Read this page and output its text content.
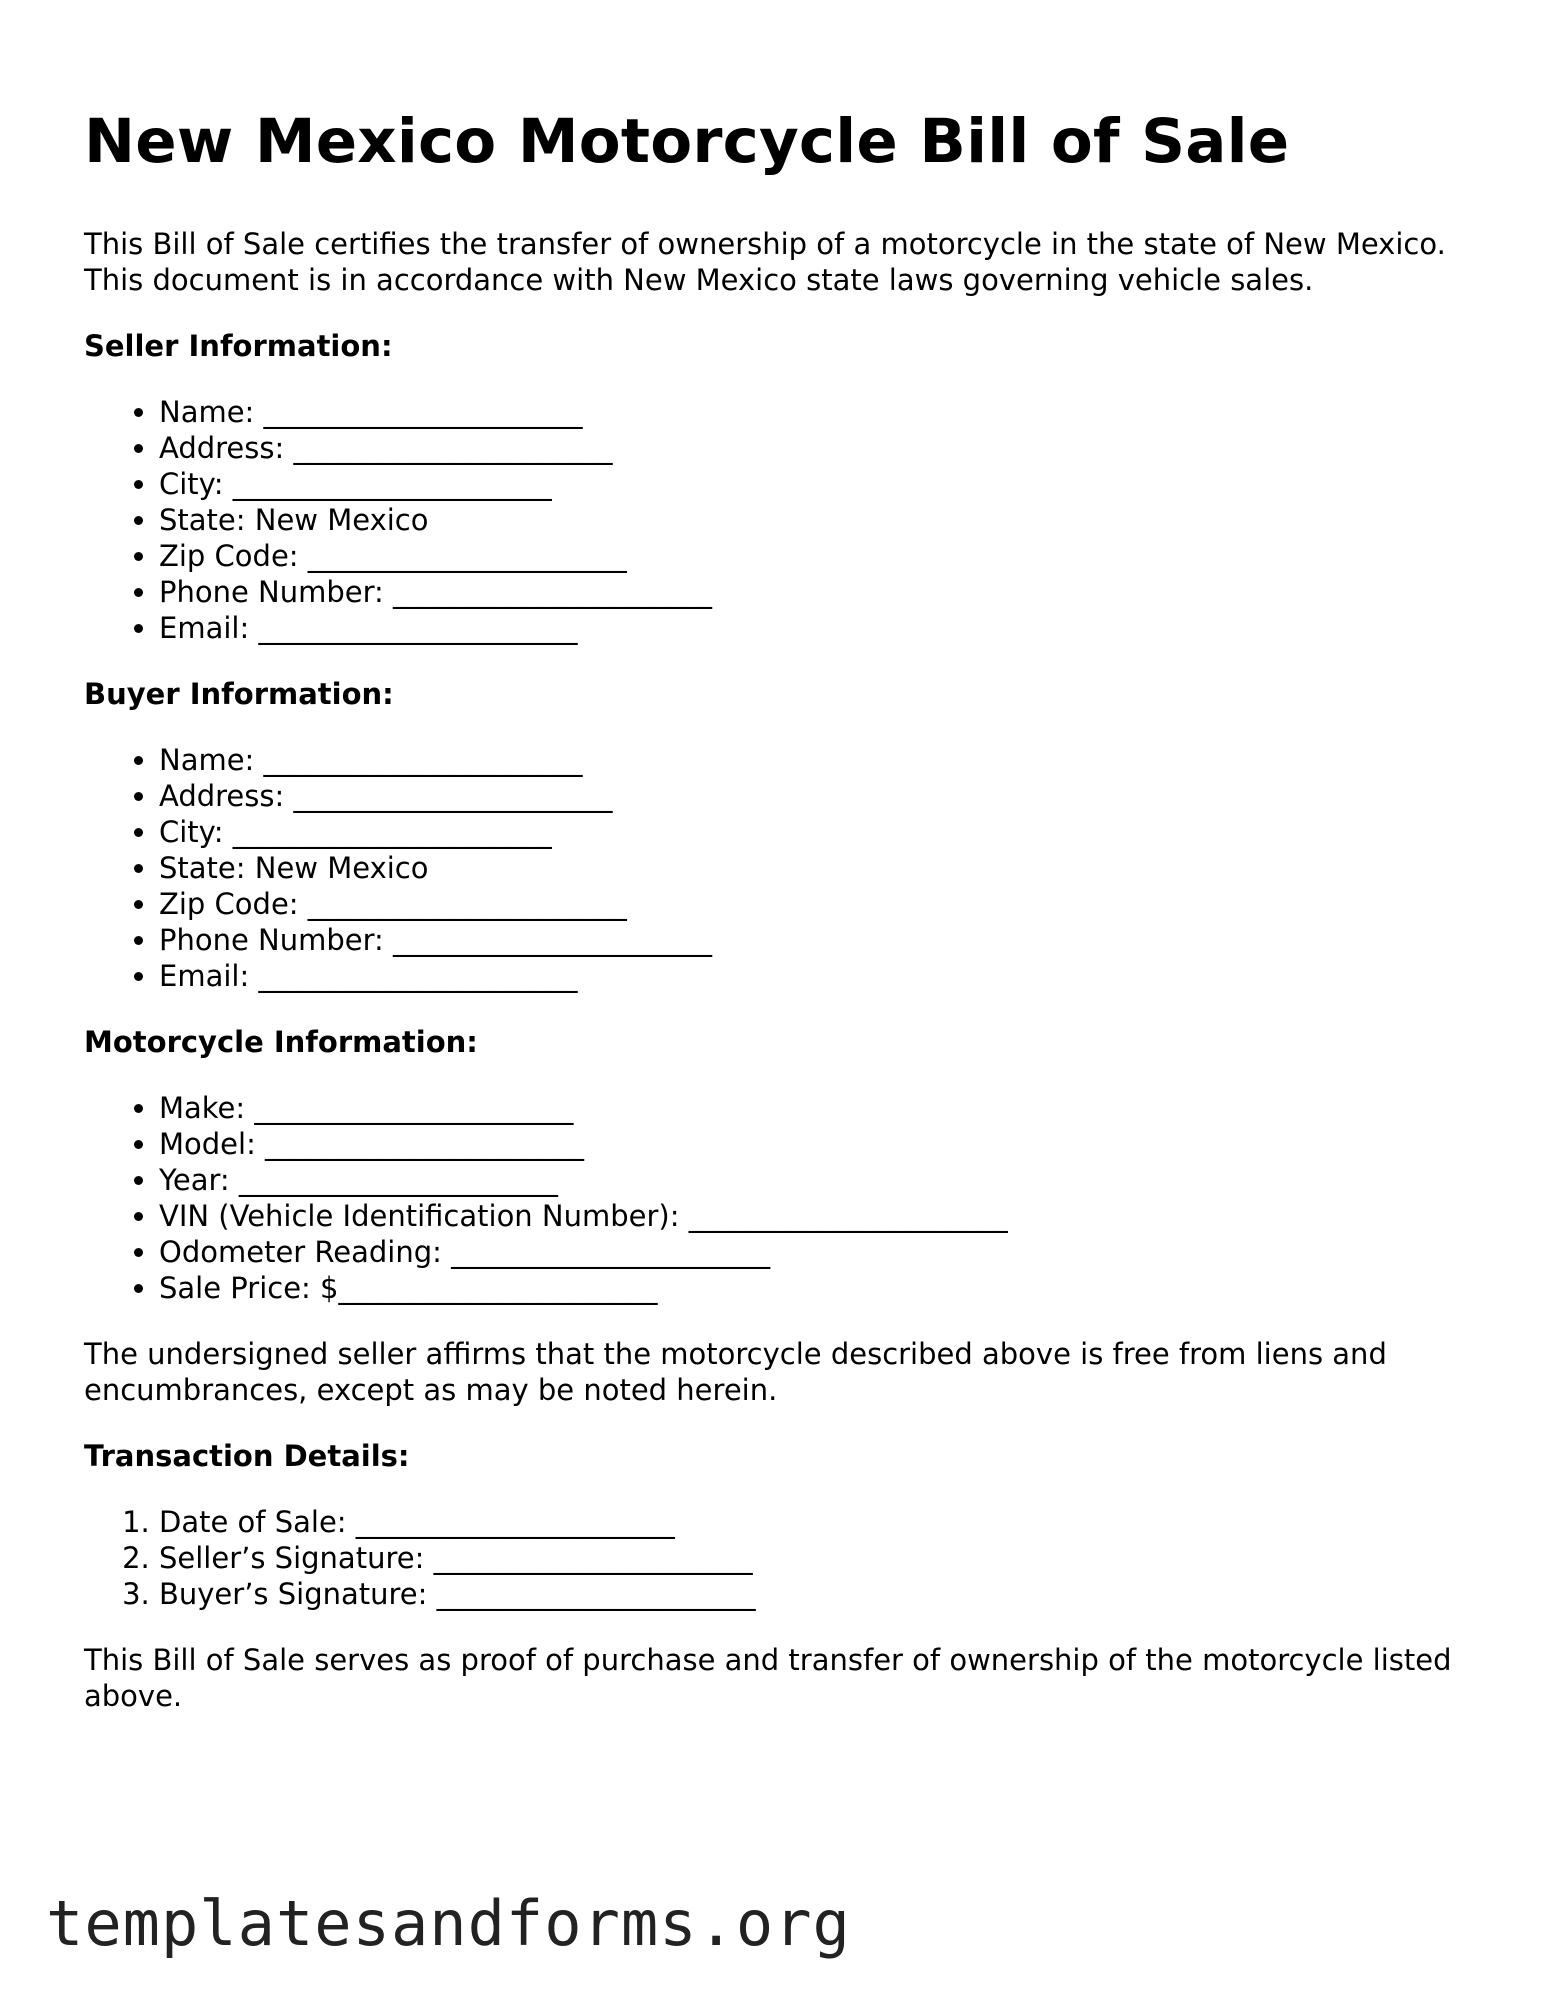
New Mexico Motorcycle Bill of Sale

This Bill of Sale certifies the transfer of ownership of a motorcycle in the state of New Mexico. This document is in accordance with New Mexico state laws governing vehicle sales.

Seller Information:
• Name: ______________________
• Address: ______________________
• City: ______________________
• State: New Mexico
• Zip Code: ______________________
• Phone Number: ______________________
• Email: ______________________
Buyer Information:
• Name: ______________________
• Address: ______________________
• City: ______________________
• State: New Mexico
• Zip Code: ______________________
• Phone Number: ______________________
• Email: ______________________
Motorcycle Information:
• Make: ______________________
• Model: ______________________
• Year: ______________________
• VIN (Vehicle Identification Number): ______________________
• Odometer Reading: ______________________
• Sale Price: $______________________

The undersigned seller affirms that the motorcycle described above is free from liens and encumbrances, except as may be noted herein.

Transaction Details:
1. Date of Sale: ______________________
2. Seller’s Signature: ______________________
3. Buyer’s Signature: ______________________

This Bill of Sale serves as proof of purchase and transfer of ownership of the motorcycle listed above.

templatesandforms.org
